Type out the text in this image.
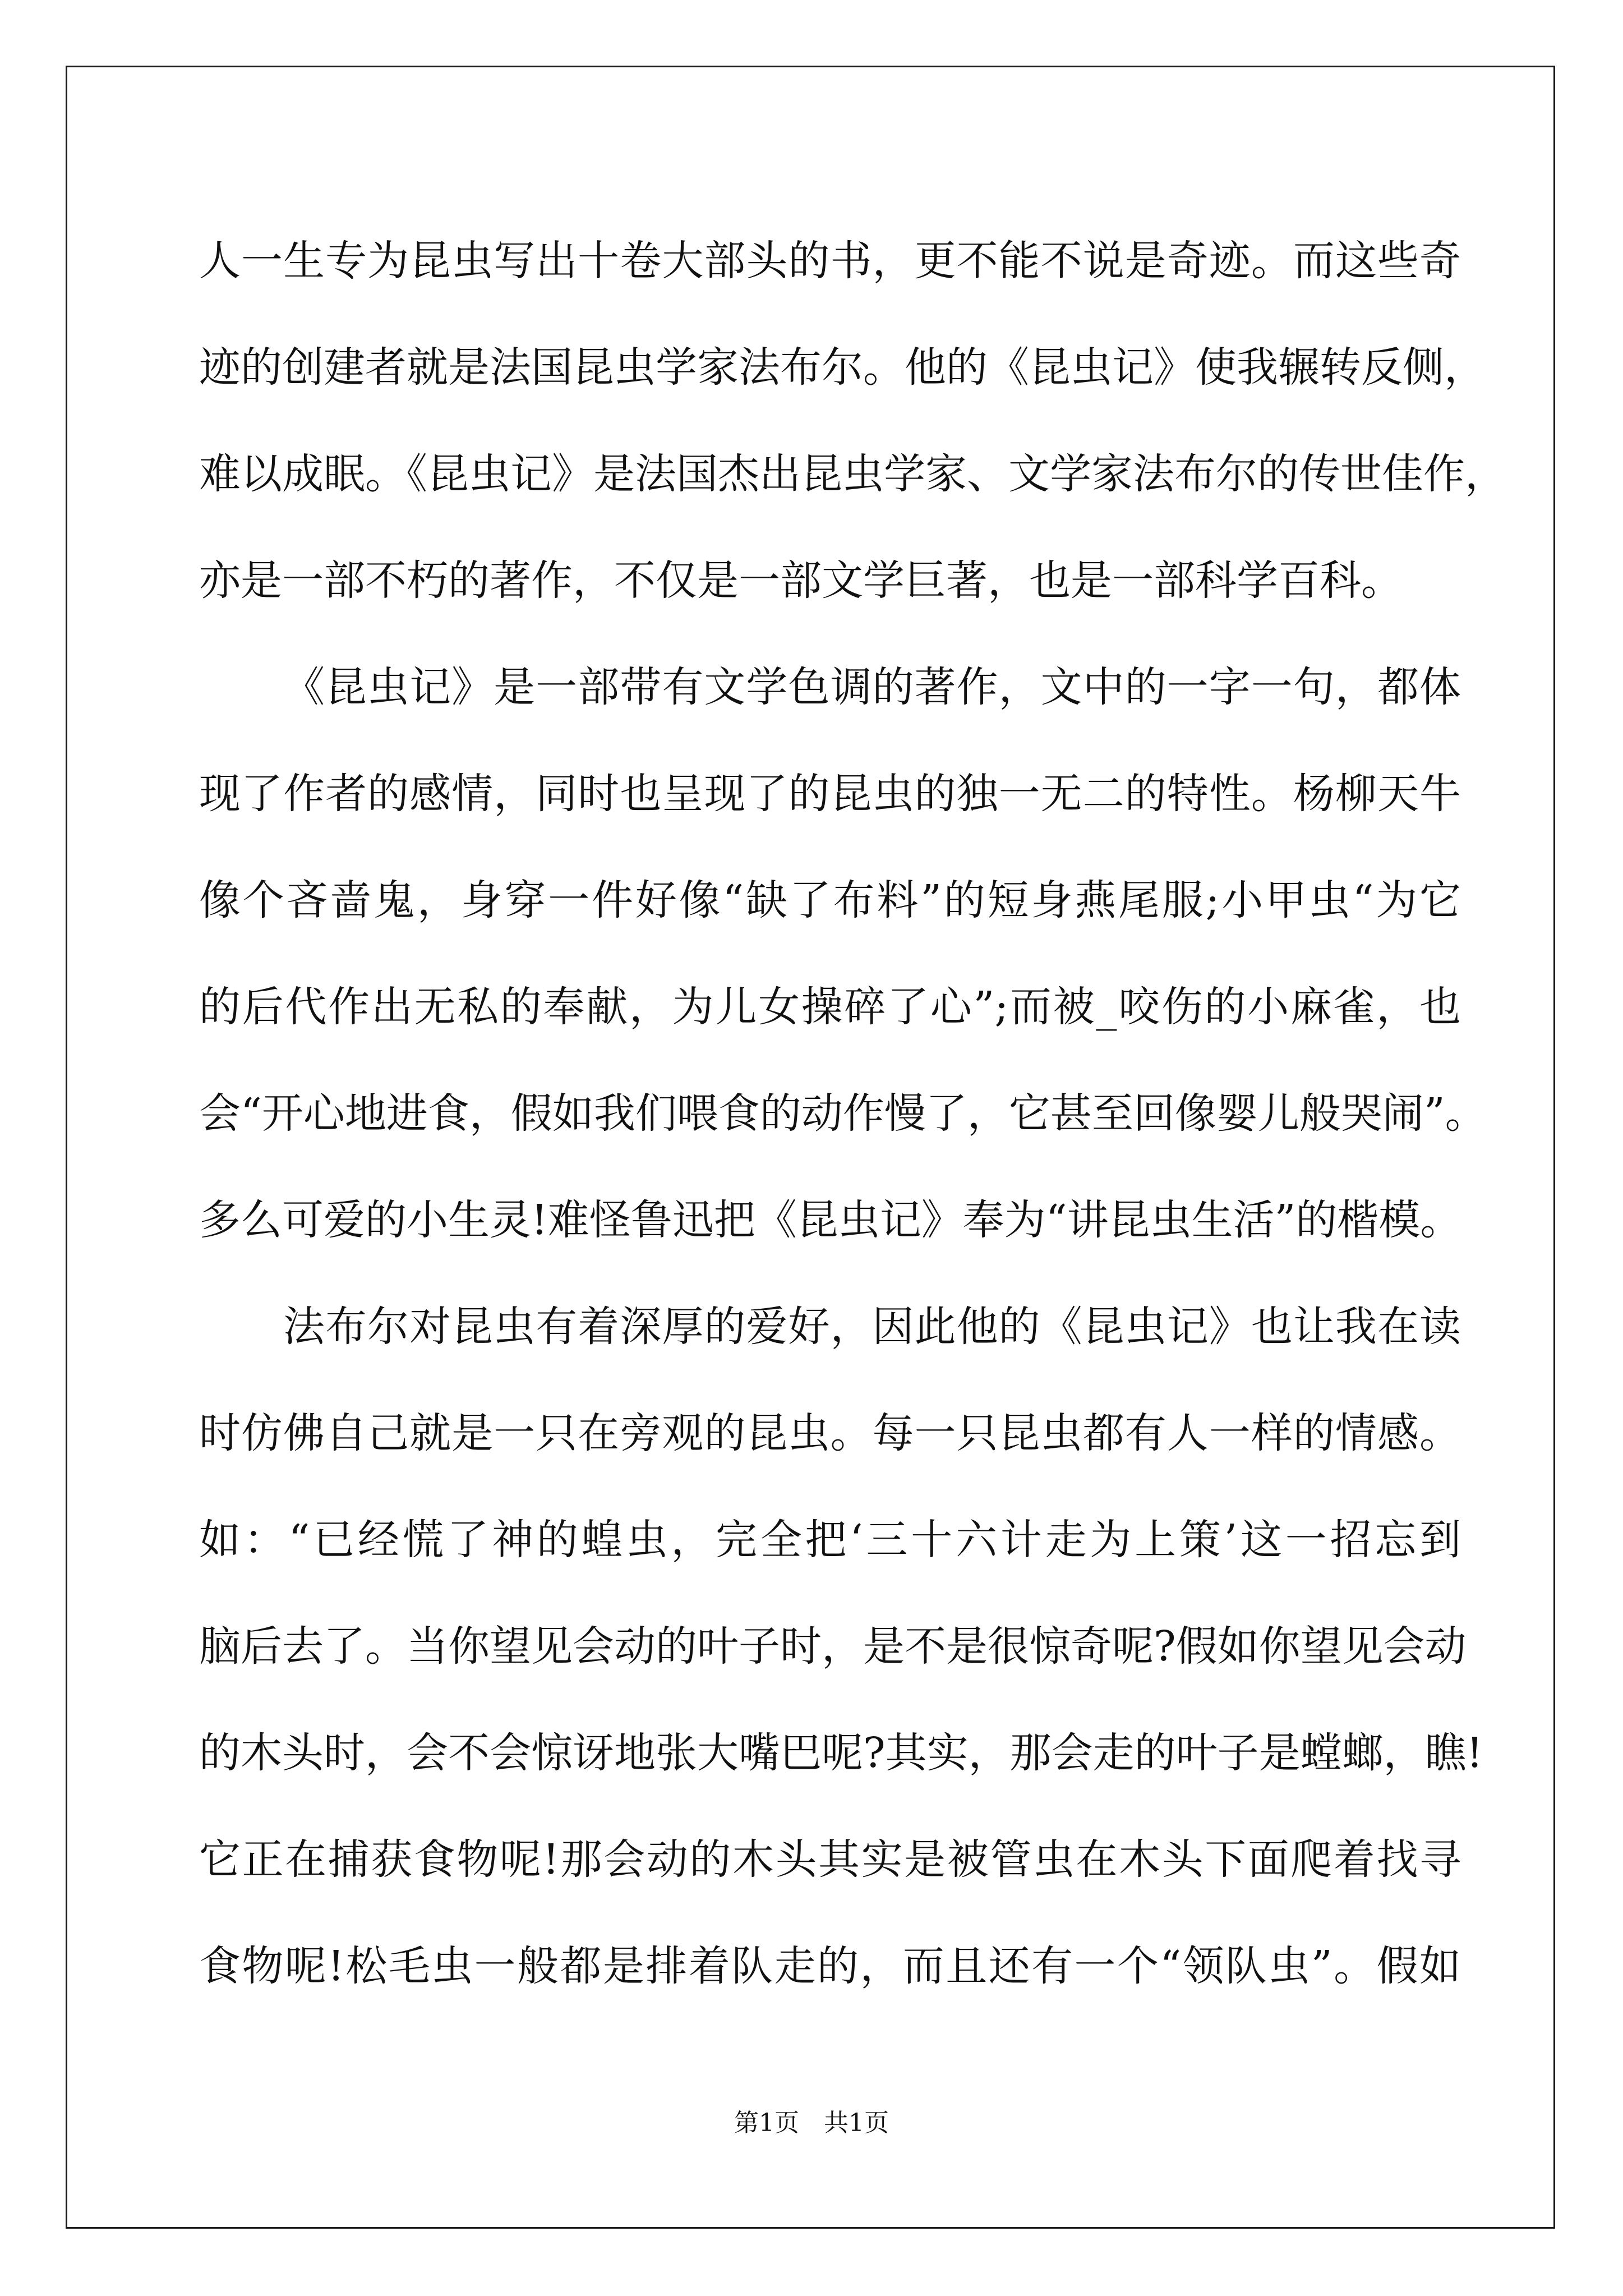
人一生专为昆虫写出十卷大部头的书，更不能不说是奇迹。而这些奇
迹的创建者就是法国昆虫学家法布尔。他的《昆虫记》使我辗转反侧，
难以成眠。《昆虫记》是法国杰出昆虫学家、文学家法布尔的传世佳作，
亦是一部不朽的著作，不仅是一部文学巨著，也是一部科学百科。
《昆虫记》是一部带有文学色调的著作，文中的一字一句，都体
现了作者的感情，同时也呈现了的昆虫的独一无二的特性。杨柳天牛
像个吝啬鬼，身穿一件好像“缺了布料”的短身燕尾服;小甲虫“为它
的后代作出无私的奉献，为儿女操碎了心”;而被_咬伤的小麻雀，也
会“开心地进食，假如我们喂食的动作慢了，它甚至回像婴儿般哭闹”。
多么可爱的小生灵!难怪鲁迅把《昆虫记》奉为“讲昆虫生活”的楷模。
法布尔对昆虫有着深厚的爱好，因此他的《昆虫记》也让我在读
时仿佛自己就是一只在旁观的昆虫。每一只昆虫都有人一样的情感。
如：“已经慌了神的蝗虫，完全把‘三十六计走为上策’这一招忘到
脑后去了。当你望见会动的叶子时，是不是很惊奇呢?假如你望见会动
的木头时，会不会惊讶地张大嘴巴呢?其实，那会走的叶子是螳螂，瞧!
它正在捕获食物呢!那会动的木头其实是被管虫在木头下面爬着找寻
食物呢!松毛虫一般都是排着队走的，而且还有一个“领队虫”。假如
第1页　共1页
